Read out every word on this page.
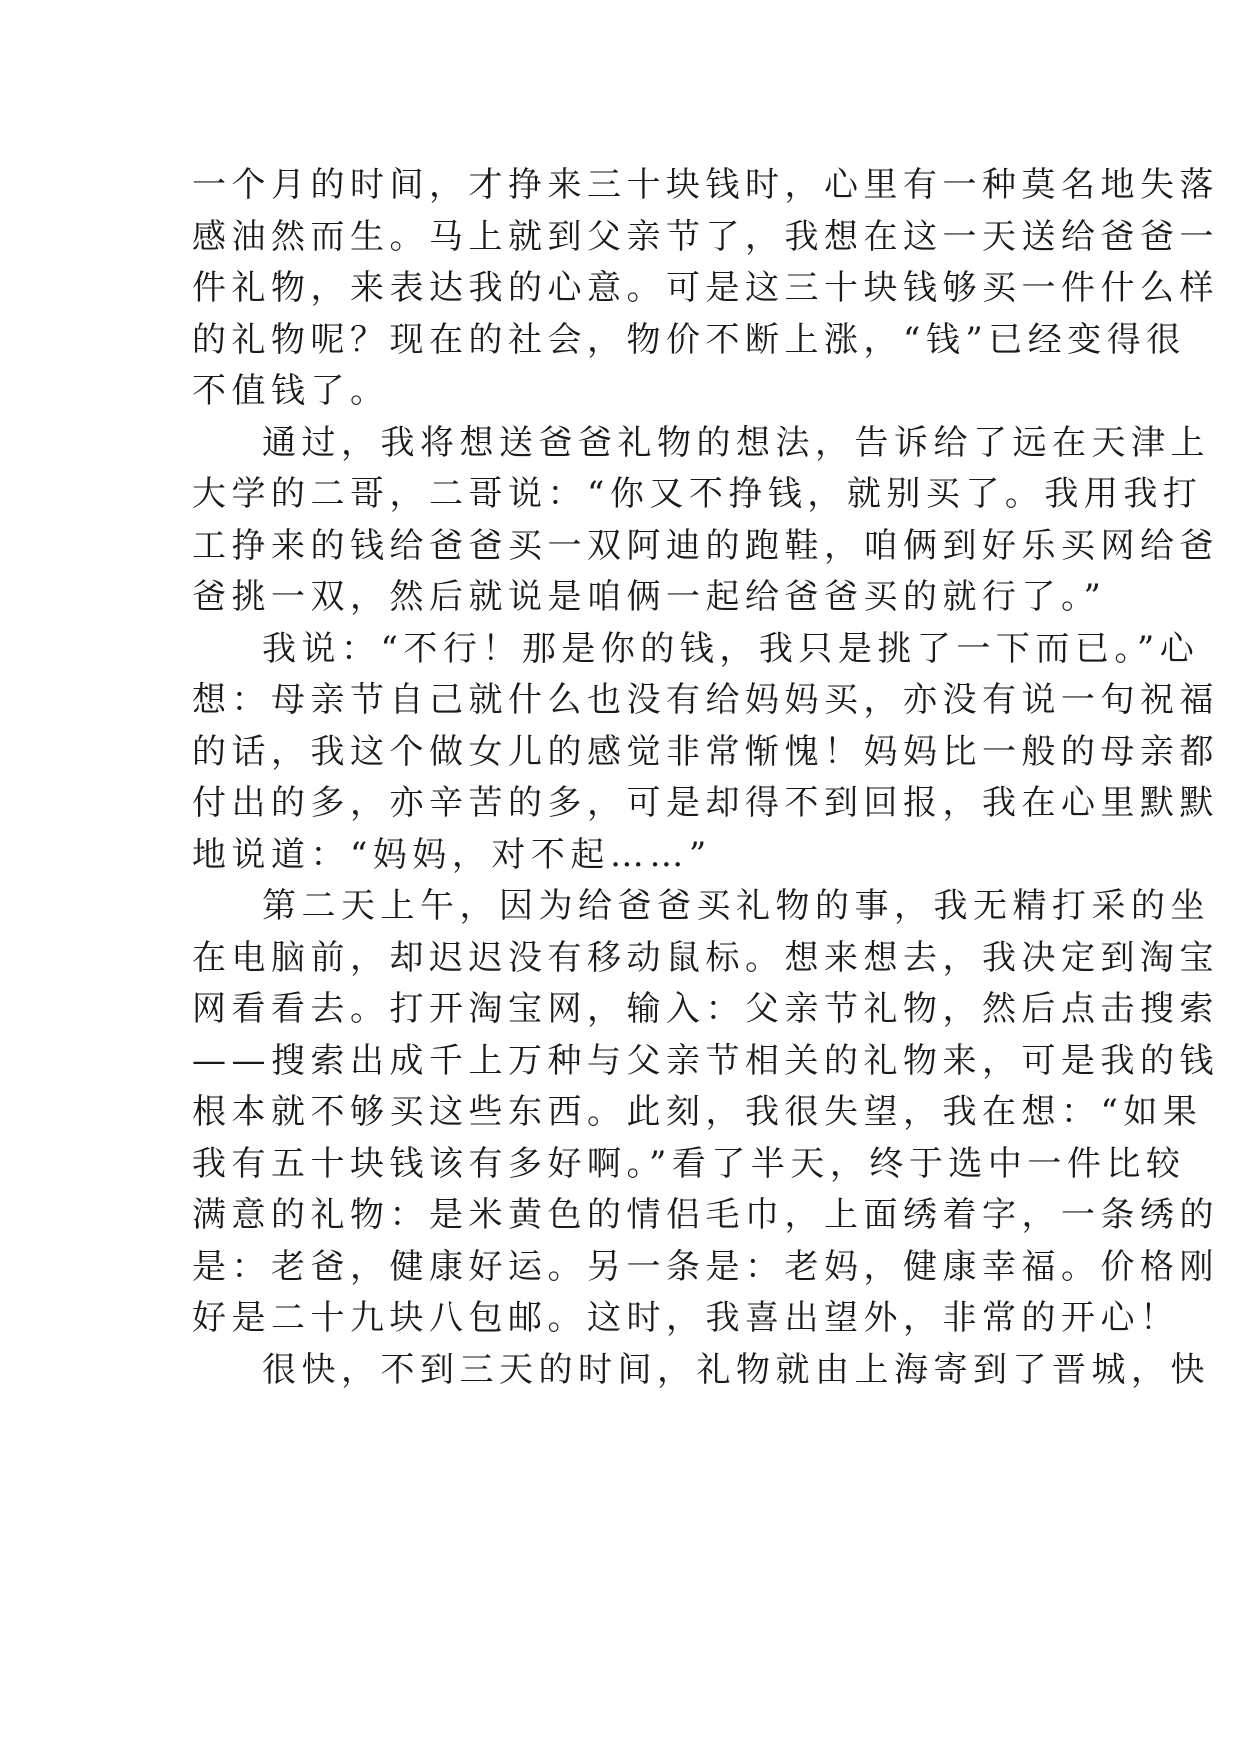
一个月的时间，才挣来三十块钱时，心里有一种莫名地失落
感油然而生。马上就到父亲节了，我想在这一天送给爸爸一
件礼物，来表达我的心意。可是这三十块钱够买一件什么样
的礼物呢？现在的社会，物价不断上涨，“钱”已经变得很
不值钱了。
通过，我将想送爸爸礼物的想法，告诉给了远在天津上
大学的二哥，二哥说：“你又不挣钱，就别买了。我用我打
工挣来的钱给爸爸买一双阿迪的跑鞋，咱俩到好乐买网给爸
爸挑一双，然后就说是咱俩一起给爸爸买的就行了。”
我说：“不行！那是你的钱，我只是挑了一下而已。”心
想：母亲节自己就什么也没有给妈妈买，亦没有说一句祝福
的话，我这个做女儿的感觉非常惭愧！妈妈比一般的母亲都
付出的多，亦辛苦的多，可是却得不到回报，我在心里默默
地说道：“妈妈，对不起……”
第二天上午，因为给爸爸买礼物的事，我无精打采的坐
在电脑前，却迟迟没有移动鼠标。想来想去，我决定到淘宝
网看看去。打开淘宝网，输入：父亲节礼物，然后点击搜索
——搜索出成千上万种与父亲节相关的礼物来，可是我的钱
根本就不够买这些东西。此刻，我很失望，我在想：“如果
我有五十块钱该有多好啊。”看了半天，终于选中一件比较
满意的礼物：是米黄色的情侣毛巾，上面绣着字，一条绣的
是：老爸，健康好运。另一条是：老妈，健康幸福。价格刚
好是二十九块八包邮。这时，我喜出望外，非常的开心！
很快，不到三天的时间，礼物就由上海寄到了晋城，快
